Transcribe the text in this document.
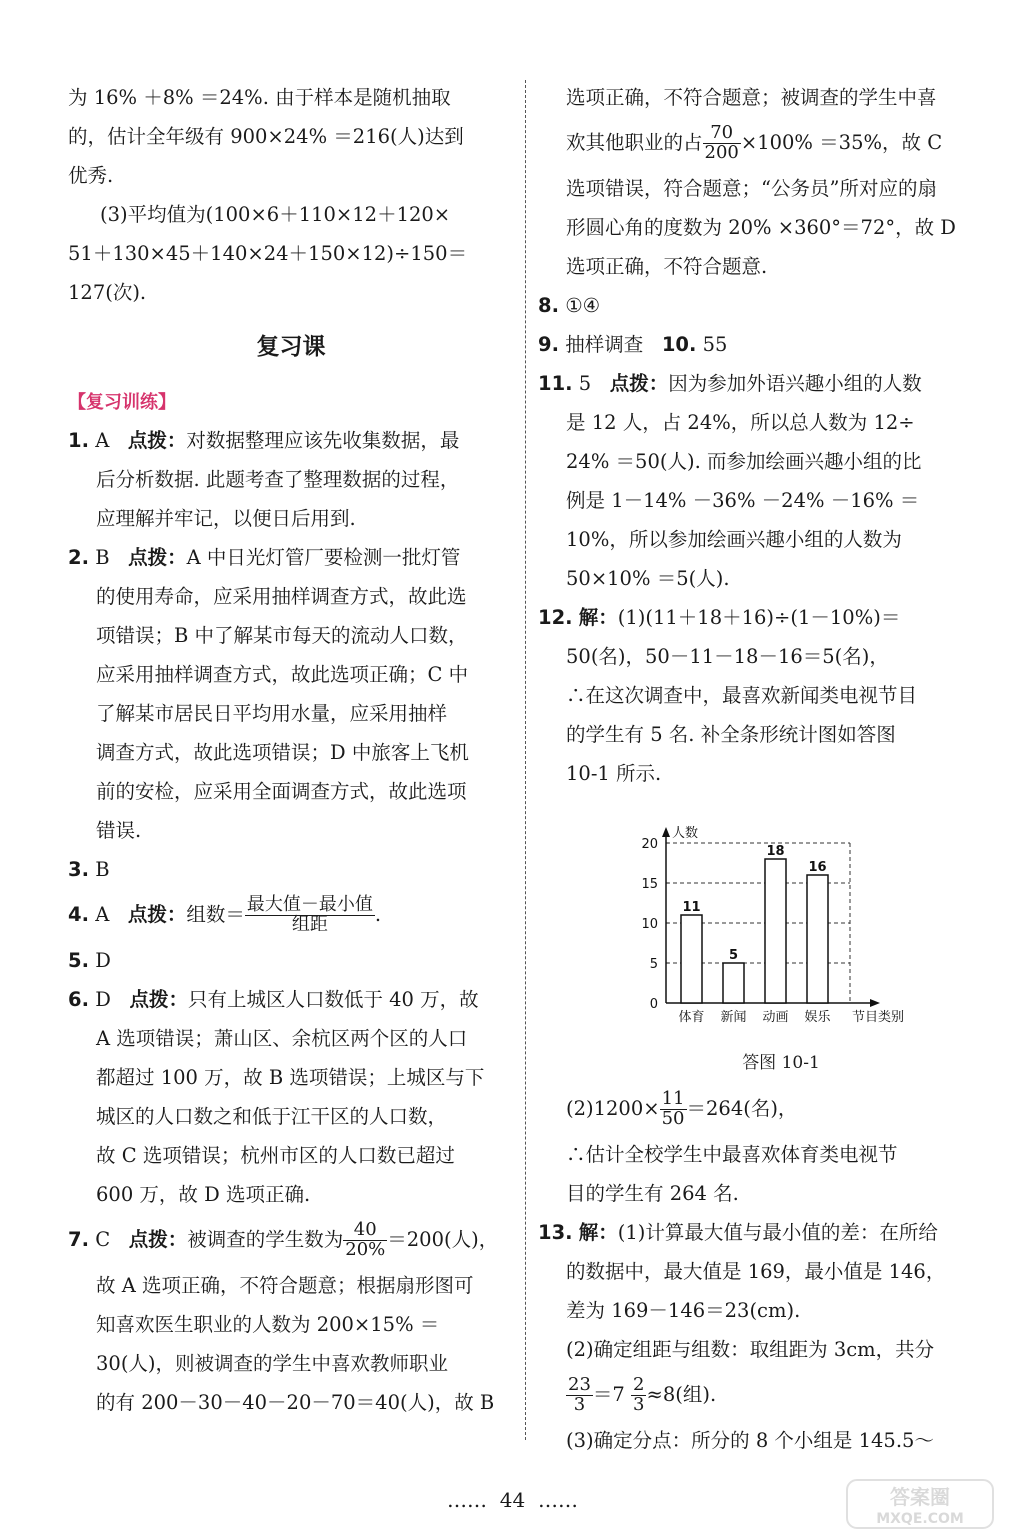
为 16% ＋8% ＝24%. 由于样本是随机抽取
的，估计全年级有 900×24% ＝216(人)达到
优秀.
(3)平均值为(100×6＋110×12＋120×
51＋130×45＋140×24＋150×12)÷150＝
127(次).
复习课
【复习训练】
1. A 点拨：对数据整理应该先收集数据，最
后分析数据. 此题考查了整理数据的过程，
应理解并牢记，以便日后用到.
2. B 点拨：A 中日光灯管厂要检测一批灯管
的使用寿命，应采用抽样调查方式，故此选
项错误；B 中了解某市每天的流动人口数，
应采用抽样调查方式，故此选项正确；C 中
了解某市居民日平均用水量，应采用抽样
调查方式，故此选项错误；D 中旅客上飞机
前的安检，应采用全面调查方式，故此选项
错误.
3. B
4. A 点拨：组数＝ $\frac{\text{最大值－最小值}}{\text{组距}}$ .
5. D
6. D 点拨：只有上城区人口数低于 40 万，故
A 选项错误；萧山区、余杭区两个区的人口
都超过 100 万，故 B 选项错误；上城区与下
城区的人口数之和低于江干区的人口数，
故 C 选项错误；杭州市区的人口数已超过
600 万，故 D 选项正确.
7. C 点拨：被调查的学生数为 $\frac{40}{20\%} =200$(人)，
故 A 选项正确，不符合题意；根据扇形图可
知喜欢医生职业的人数为 200×15% ＝
30(人)，则被调查的学生中喜欢教师职业
的有 200－30－40－20－70＝40(人)，故 B
选项正确，不符合题意；被调查的学生中喜
欢其他职业的占 $\frac{70}{200} \times 100\% =35\%$，故 C
选项错误，符合题意；“公务员”所对应的扇
形圆心角的度数为 20% ×360°＝72°，故 D
选项正确，不符合题意.
8. ①④
9. 抽样调查 10. 55
11. 5 点拨：因为参加外语兴趣小组的人数
是 12 人，占 24%，所以总人数为 12÷
24% ＝50(人). 而参加绘画兴趣小组的比
例是 1－14% －36% －24% －16% ＝
10%，所以参加绘画兴趣小组的人数为
50×10% ＝5(人).
12. 解：(1)(11＋18＋16)÷(1－10%)＝
50(名)，50－11－18－16＝5(名)，
∴在这次调查中，最喜欢新闻类电视节目
的学生有 5 名. 补全条形统计图如答图
10-1 所示.
人数
节目类别
0
5
10
15
20
11
体育
5
新闻
18
动画
16
娱乐
答图 10-1
$(2)1200\times \frac{11}{50} =264$(名)，
∴估计全校学生中最喜欢体育类电视节
目的学生有 264 名.
13. 解：(1)计算最大值与最小值的差：在所给
的数据中，最大值是 169，最小值是 146，
差为 169－146＝23(cm).
(2)确定组距与组数：取组距为 3cm，共分
$\frac{23}{3} =7 \frac{2}{3} \approx 8$(组).
(3)确定分点：所分的 8 个小组是 145.5～
…… 44 ……	答案圈
MXQE.COM
